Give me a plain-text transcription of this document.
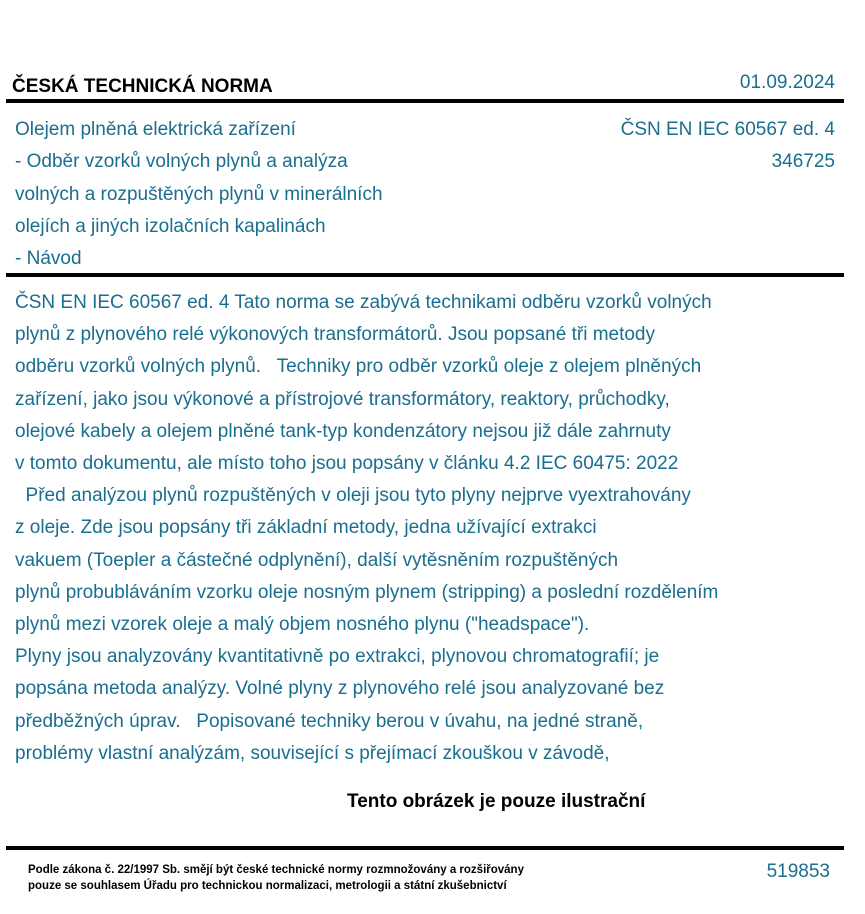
ČESKÁ TECHNICKÁ NORMA	01.09.2024
Olejem plněná elektrická zařízení
- Odběr vzorků volných plynů a analýza
volných a rozpuštěných plynů v minerálních
olejích a jiných izolačních kapalinách
- Návod
ČSN EN IEC 60567 ed. 4
346725
ČSN EN IEC 60567 ed. 4 Tato norma se zabývá technikami odběru vzorků volných
plynů z plynového relé výkonových transformátorů. Jsou popsané tři metody
odběru vzorků volných plynů.   Techniky pro odběr vzorků oleje z olejem plněných
zařízení, jako jsou výkonové a přístrojové transformátory, reaktory, průchodky,
olejové kabely a olejem plněné tank-typ kondenzátory nejsou již dále zahrnuty
v tomto dokumentu, ale místo toho jsou popsány v článku 4.2 IEC 60475: 2022
Před analýzou plynů rozpuštěných v oleji jsou tyto plyny nejprve vyextrahovány
z oleje. Zde jsou popsány tři základní metody, jedna užívající extrakci
vakuem (Toepler a částečné odplynění), další vytěsněním rozpuštěných
plynů probubláváním vzorku oleje nosným plynem (stripping) a poslední rozdělením
plynů mezi vzorek oleje a malý objem nosného plynu ("headspace").
Plyny jsou analyzovány kvantitativně po extrakci, plynovou chromatografií; je
popsána metoda analýzy. Volné plyny z plynového relé jsou analyzované bez
předběžných úprav.   Popisované techniky berou v úvahu, na jedné straně,
problémy vlastní analýzám, související s přejímací zkouškou v závodě,
Tento obrázek je pouze ilustrační
Podle zákona č. 22/1997 Sb. smějí být české technické normy rozmnožovány a rozšiřovány
pouze se souhlasem Úřadu pro technickou normalizaci, metrologii a státní zkušebnictví
519853
